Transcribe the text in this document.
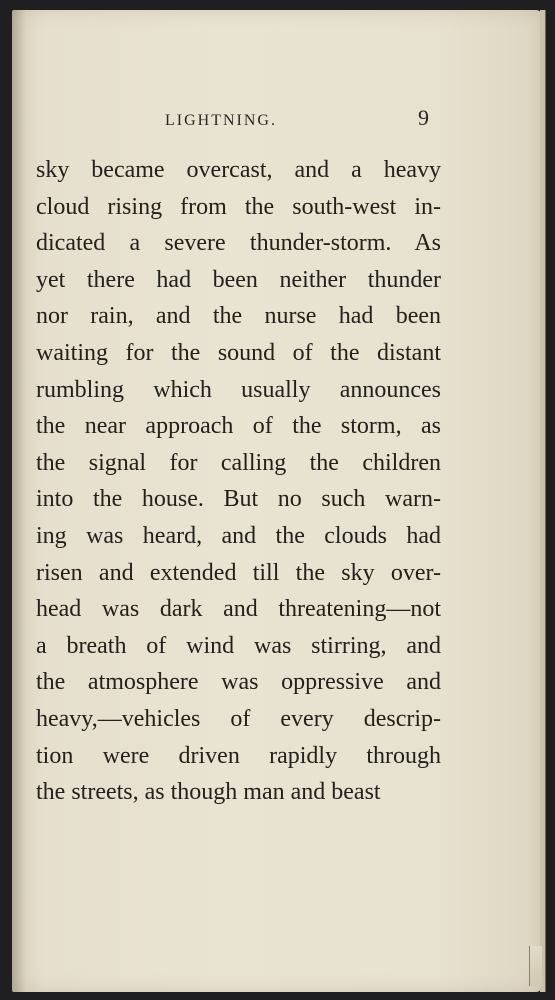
LIGHTNING.	9
sky became overcast, and a heavy
cloud rising from the south-west in-
dicated a severe thunder-storm. As
yet there had been neither thunder
nor rain, and the nurse had been
waiting for the sound of the distant
rumbling which usually announces
the near approach of the storm, as
the signal for calling the children
into the house. But no such warn-
ing was heard, and the clouds had
risen and extended till the sky over-
head was dark and threatening—not
a breath of wind was stirring, and
the atmosphere was oppressive and
heavy,—vehicles of every descrip-
tion were driven rapidly through
the streets, as though man and beast
